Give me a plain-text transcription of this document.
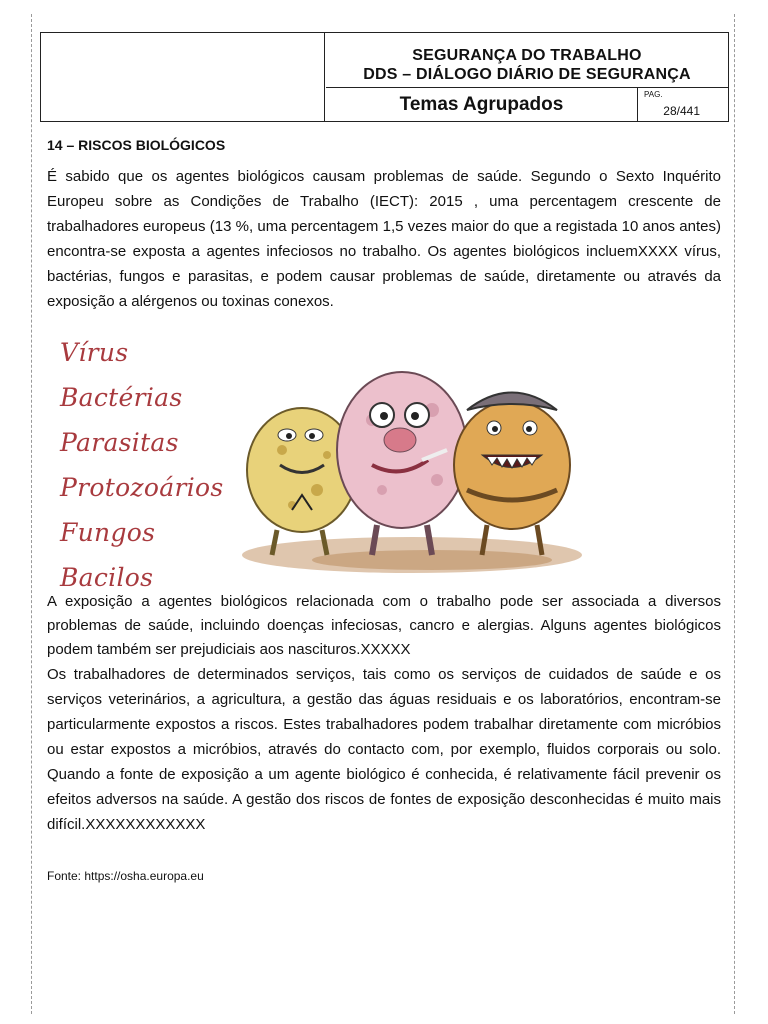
SEGURANÇA DO TRABALHO
DDS – DIÁLOGO DIÁRIO DE SEGURANÇA
Temas Agrupados	PAG.
28/441
14 – RISCOS BIOLÓGICOS
É sabido que os agentes biológicos causam problemas de saúde. Segundo o Sexto Inquérito Europeu sobre as Condições de Trabalho (IECT): 2015 , uma percentagem crescente de trabalhadores europeus (13 %, uma percentagem 1,5 vezes maior do que a registada 10 anos antes) encontra-se exposta a agentes infeciosos no trabalho. Os agentes biológicos incluemXXXX vírus, bactérias, fungos e parasitas, e podem causar problemas de saúde, diretamente ou através da exposição a alérgenos ou toxinas conexos.
Vírus
Bactérias
Parasitas
Protozoários
Fungos
Bacilos
A exposição a agentes biológicos relacionada com o trabalho pode ser associada a diversos problemas de saúde, incluindo doenças infeciosas, cancro e alergias. Alguns agentes biológicos podem também ser prejudiciais aos nascituros.XXXXX
Os trabalhadores de determinados serviços, tais como os serviços de cuidados de saúde e os serviços veterinários, a agricultura, a gestão das águas residuais e os laboratórios, encontram-se particularmente expostos a riscos. Estes trabalhadores podem trabalhar diretamente com micróbios ou estar expostos a micróbios, através do contacto com, por exemplo, fluidos corporais ou solo. Quando a fonte de exposição a um agente biológico é conhecida, é relativamente fácil prevenir os efeitos adversos na saúde. A gestão dos riscos de fontes de exposição desconhecidas é muito mais difícil.XXXXXXXXXXXX
Fonte: https://osha.europa.eu
